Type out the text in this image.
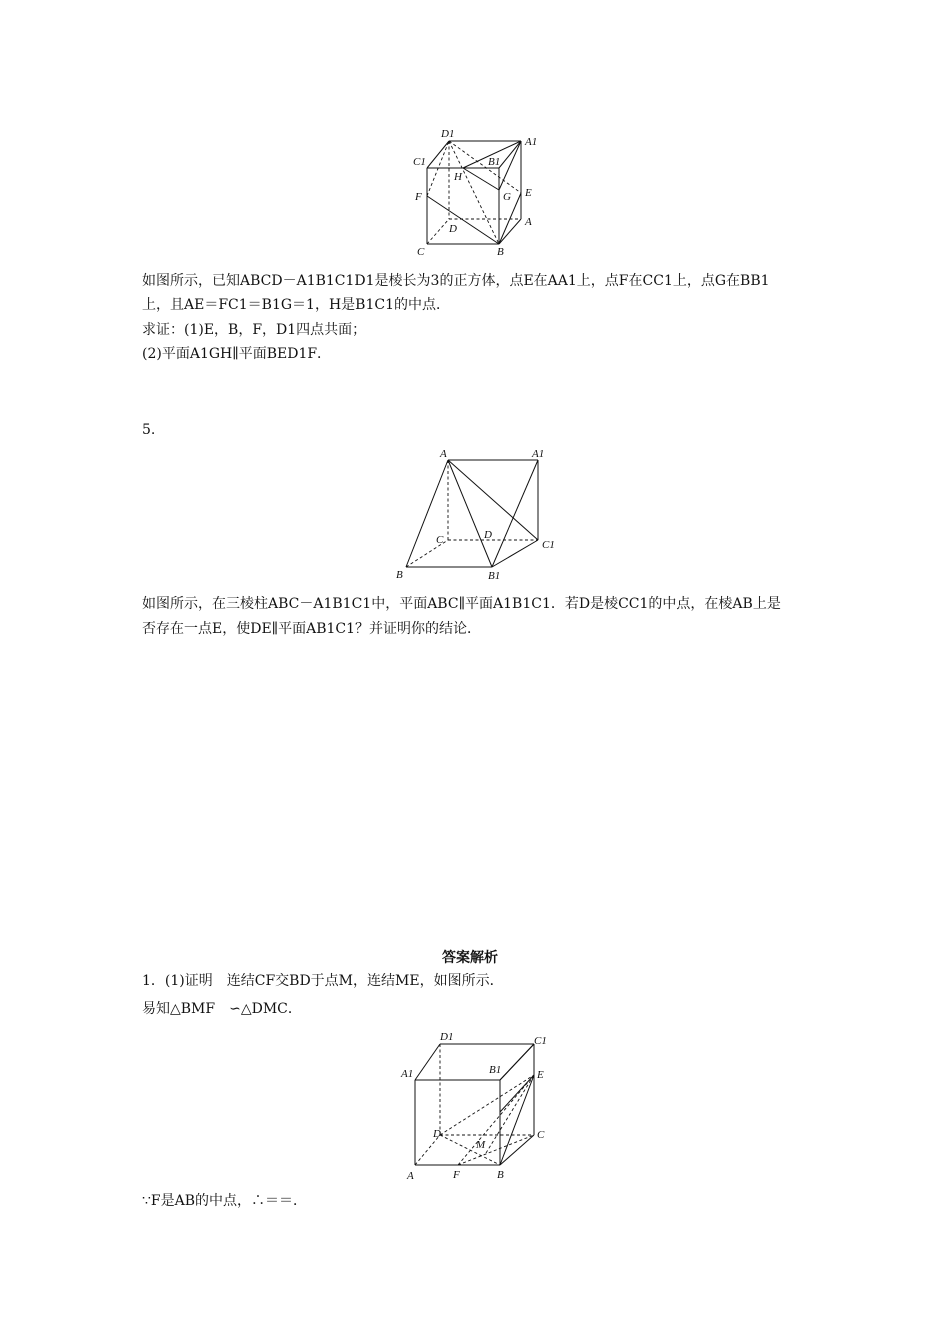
D1
A1
C1	B1
H
F	G E
D
A
C	B
如图所示，已知ABCD－A1B1C1D1是棱长为3的正方体，点E在AA1上，点F在CC1上，点G在BB1
上，且AE＝FC1＝B1G＝1，H是B1C1的中点．
求证：(1)E，B，F，D1四点共面；
(2)平面A1GH∥平面BED1F．
5.
A	A1
C	D
C1
B	B1
如图所示，在三棱柱ABC－A1B1C1中，平面ABC∥平面A1B1C1．若D是棱CC1的中点，在棱AB上是
否存在一点E，使DE∥平面AB1C1？并证明你的结论．
答案解析
1．(1)证明　连结CF交BD于点M，连结ME，如图所示．
易知△BMF　∽△DMC．
D1	C1
A1	B1	E
D
M
C
A	F	B
∵F是AB的中点，∴＝＝．
